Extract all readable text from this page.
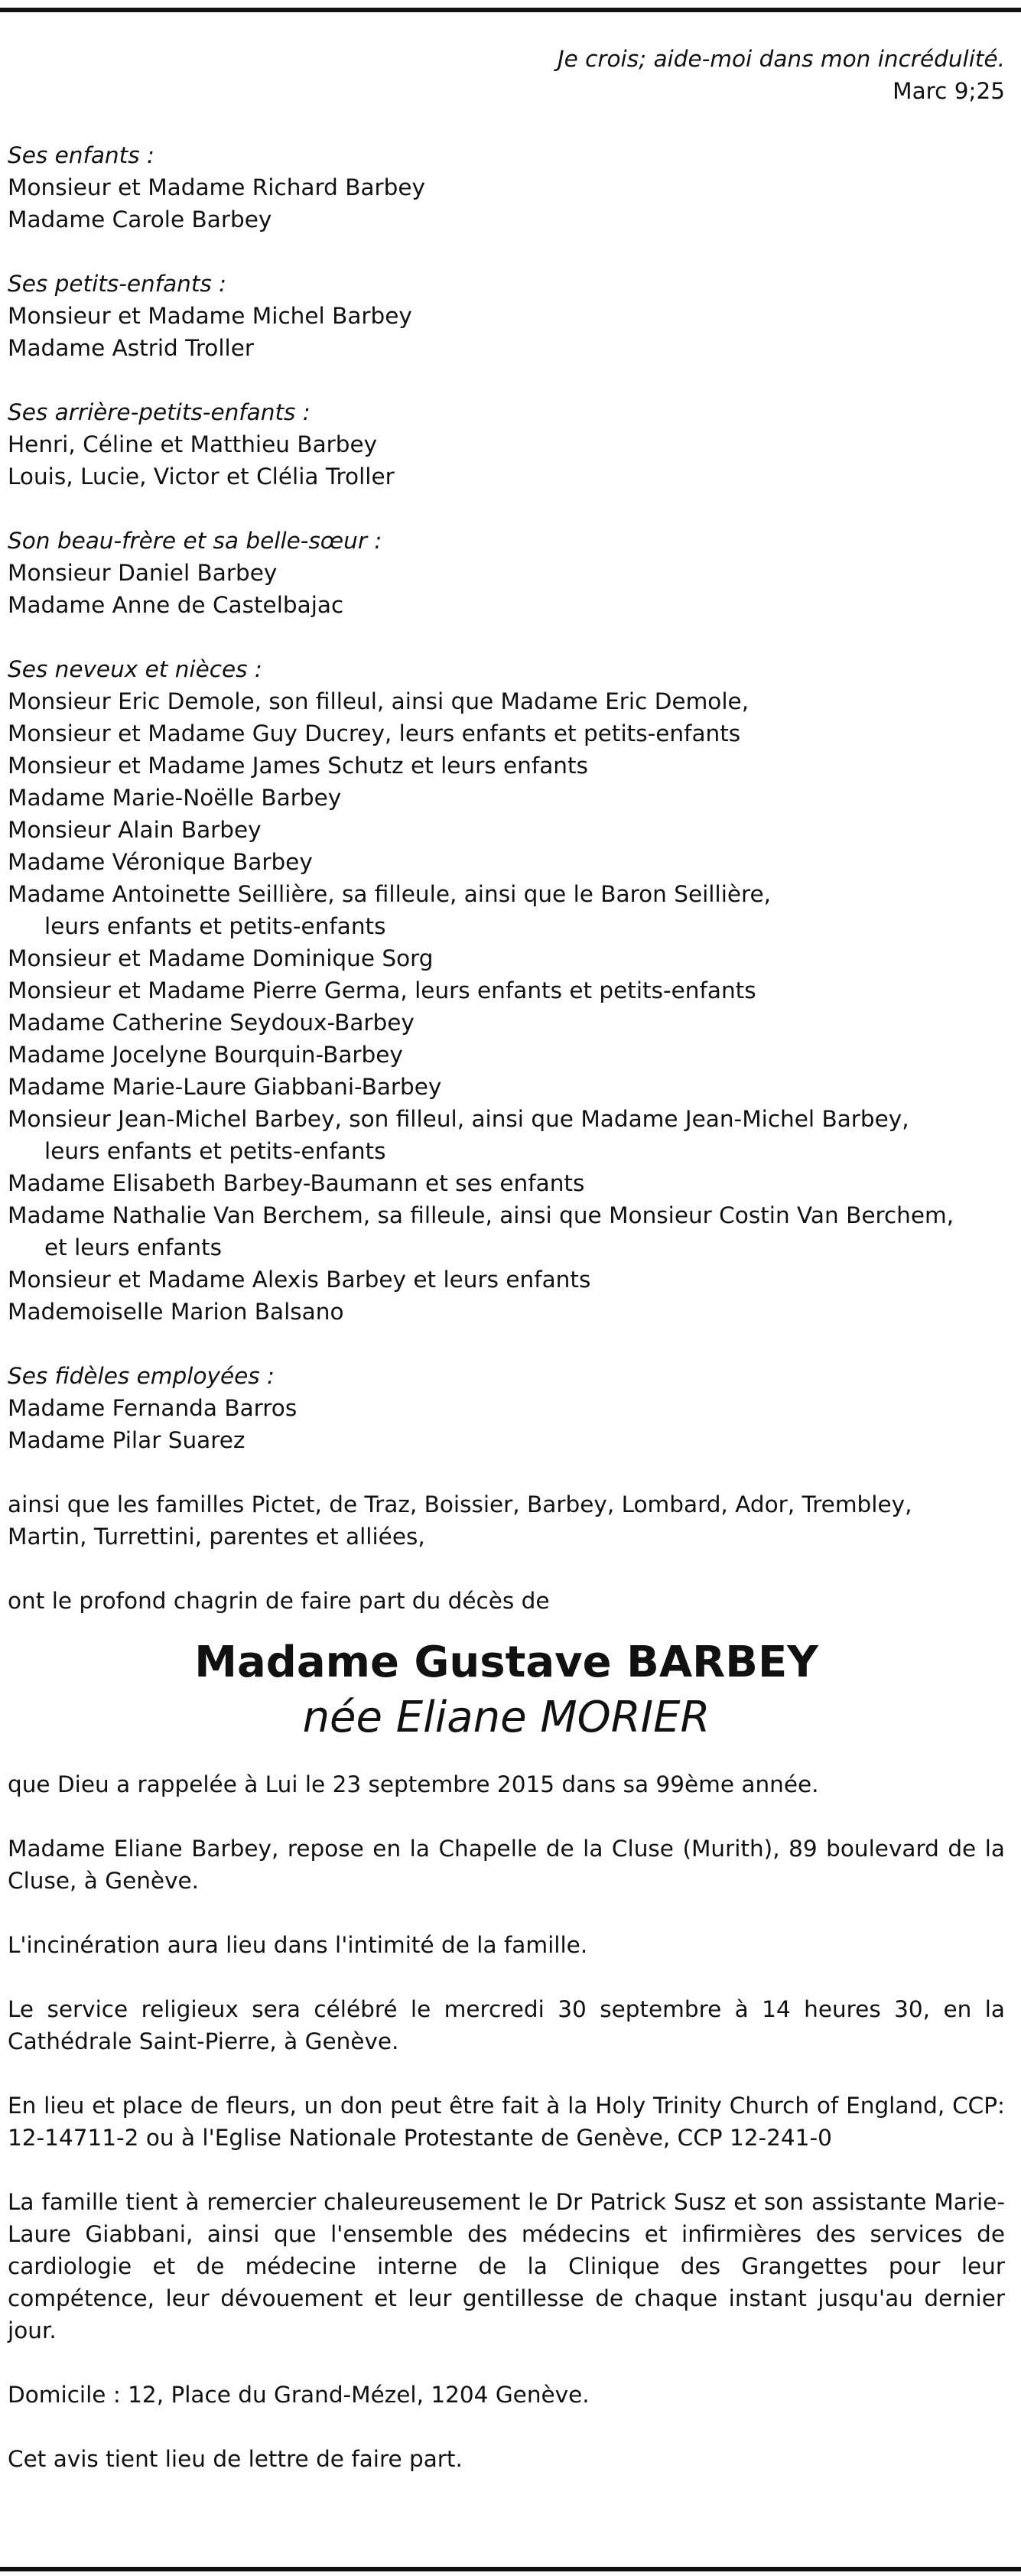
Je crois; aide-moi dans mon incrédulité.
Marc 9;25
Ses enfants :
Monsieur et Madame Richard Barbey
Madame Carole Barbey
Ses petits-enfants :
Monsieur et Madame Michel Barbey
Madame Astrid Troller
Ses arrière-petits-enfants :
Henri, Céline et Matthieu Barbey
Louis, Lucie, Victor et Clélia Troller
Son beau-frère et sa belle-sœur :
Monsieur Daniel Barbey
Madame Anne de Castelbajac
Ses neveux et nièces :
Monsieur Eric Demole, son filleul, ainsi que Madame Eric Demole,
Monsieur et Madame Guy Ducrey, leurs enfants et petits-enfants
Monsieur et Madame James Schutz et leurs enfants
Madame Marie-Noëlle Barbey
Monsieur Alain Barbey
Madame Véronique Barbey
Madame Antoinette Seillière, sa filleule, ainsi que le Baron Seillière,
leurs enfants et petits-enfants
Monsieur et Madame Dominique Sorg
Monsieur et Madame Pierre Germa, leurs enfants et petits-enfants
Madame Catherine Seydoux-Barbey
Madame Jocelyne Bourquin-Barbey
Madame Marie-Laure Giabbani-Barbey
Monsieur Jean-Michel Barbey, son filleul, ainsi que Madame Jean-Michel Barbey,
leurs enfants et petits-enfants
Madame Elisabeth Barbey-Baumann et ses enfants
Madame Nathalie Van Berchem, sa filleule, ainsi que Monsieur Costin Van Berchem,
et leurs enfants
Monsieur et Madame Alexis Barbey et leurs enfants
Mademoiselle Marion Balsano
Ses fidèles employées :
Madame Fernanda Barros
Madame Pilar Suarez
ainsi que les familles Pictet, de Traz, Boissier, Barbey, Lombard, Ador, Trembley,
Martin, Turrettini, parentes et alliées,
ont le profond chagrin de faire part du décès de
Madame Gustave BARBEY
née Eliane MORIER
que Dieu a rappelée à Lui le 23 septembre 2015 dans sa 99ème année.
Madame Eliane Barbey, repose en la Chapelle de la Cluse (Murith), 89 boulevard de la Cluse, à Genève.
L'incinération aura lieu dans l'intimité de la famille.
Le service religieux sera célébré le mercredi 30 septembre à 14 heures 30, en la Cathédrale Saint-Pierre, à Genève.
En lieu et place de fleurs, un don peut être fait à la Holy Trinity Church of England, CCP: 12-14711-2 ou à l'Eglise Nationale Protestante de Genève, CCP 12-241-0
La famille tient à remercier chaleureusement le Dr Patrick Susz et son assistante Marie-Laure Giabbani, ainsi que l'ensemble des médecins et infirmières des services de cardiologie et de médecine interne de la Clinique des Grangettes pour leur compétence, leur dévouement et leur gentillesse de chaque instant jusqu'au dernier jour.
Domicile : 12, Place du Grand-Mézel, 1204 Genève.
Cet avis tient lieu de lettre de faire part.
